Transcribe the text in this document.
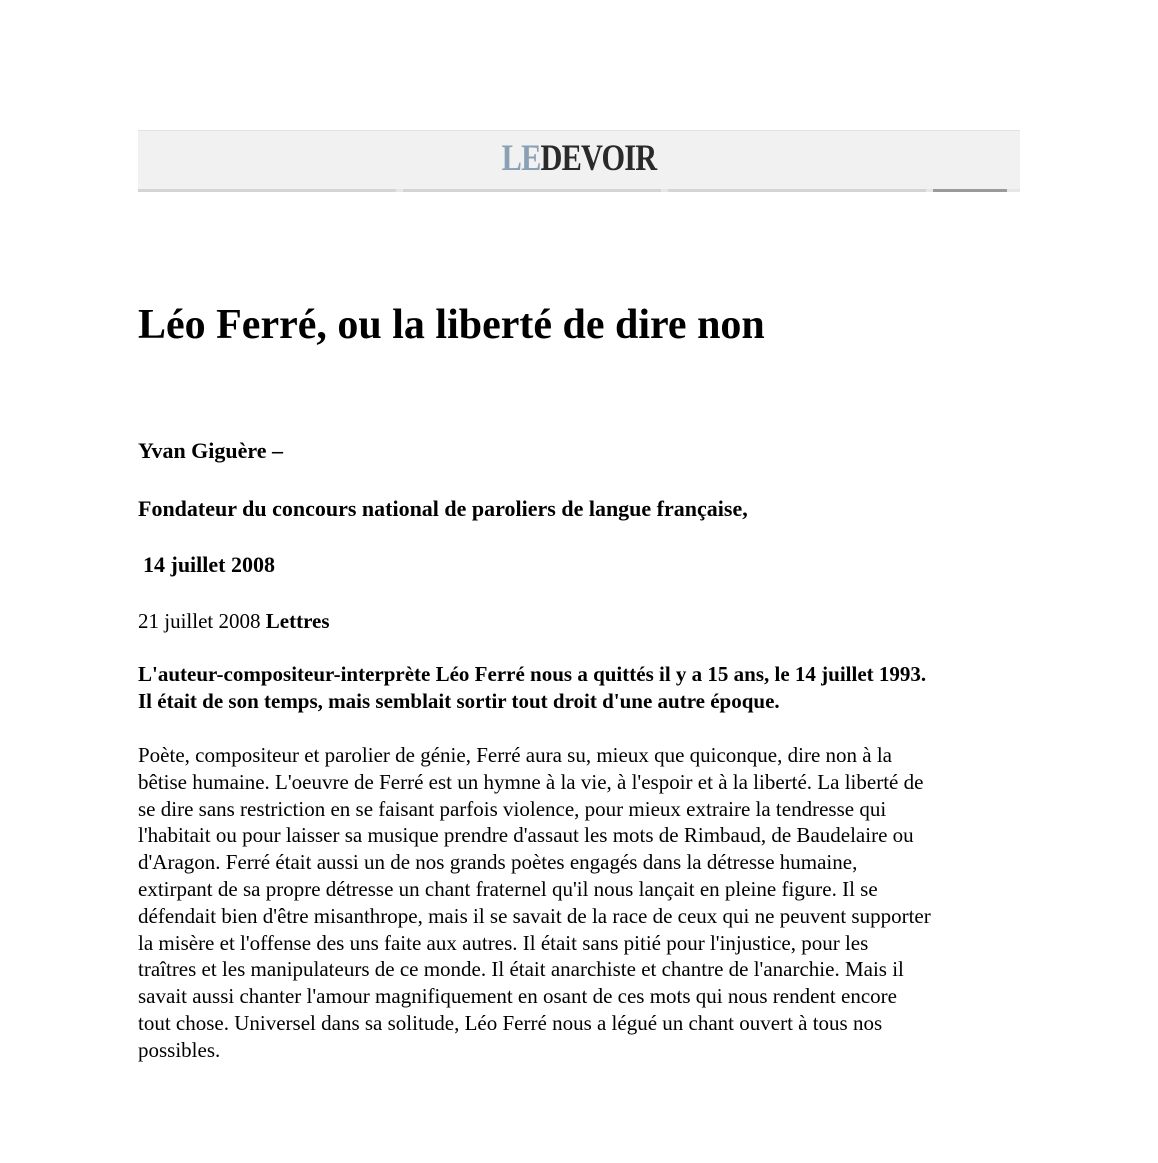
LEDEVOIR
Léo Ferré, ou la liberté de dire non

Yvan Giguère –

Fondateur du concours national de paroliers de langue française,

14 juillet 2008

21 juillet 2008 Lettres

L'auteur-compositeur-interprète Léo Ferré nous a quittés il y a 15 ans, le 14 juillet 1993.
Il était de son temps, mais semblait sortir tout droit d'une autre époque.

Poète, compositeur et parolier de génie, Ferré aura su, mieux que quiconque, dire non à la
bêtise humaine. L'oeuvre de Ferré est un hymne à la vie, à l'espoir et à la liberté. La liberté de
se dire sans restriction en se faisant parfois violence, pour mieux extraire la tendresse qui
l'habitait ou pour laisser sa musique prendre d'assaut les mots de Rimbaud, de Baudelaire ou
d'Aragon. Ferré était aussi un de nos grands poètes engagés dans la détresse humaine,
extirpant de sa propre détresse un chant fraternel qu'il nous lançait en pleine figure. Il se
défendait bien d'être misanthrope, mais il se savait de la race de ceux qui ne peuvent supporter
la misère et l'offense des uns faite aux autres. Il était sans pitié pour l'injustice, pour les
traîtres et les manipulateurs de ce monde. Il était anarchiste et chantre de l'anarchie. Mais il
savait aussi chanter l'amour magnifiquement en osant de ces mots qui nous rendent encore
tout chose. Universel dans sa solitude, Léo Ferré nous a légué un chant ouvert à tous nos
possibles.
